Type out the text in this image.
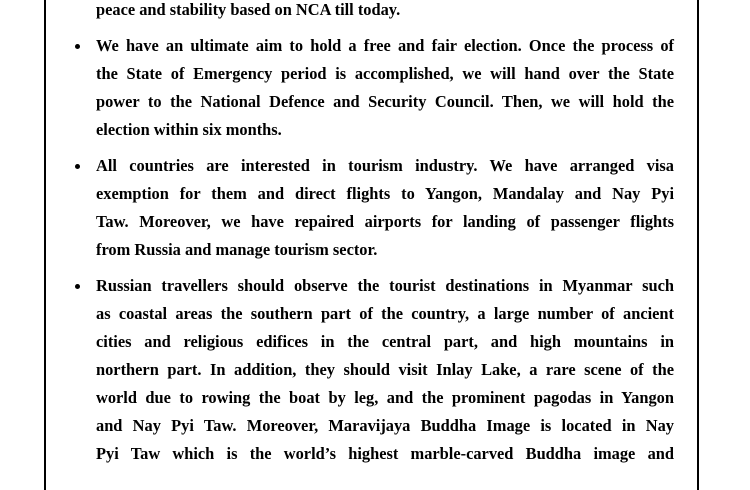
peace and stability based on NCA till today.

We have an ultimate aim to hold a free and fair election. Once the process of
the State of Emergency period is accomplished, we will hand over the State
power to the National Defence and Security Council. Then, we will hold the
election within six months.
All countries are interested in tourism industry. We have arranged visa
exemption for them and direct flights to Yangon, Mandalay and Nay Pyi
Taw. Moreover, we have repaired airports for landing of passenger flights
from Russia and manage tourism sector.
Russian travellers should observe the tourist destinations in Myanmar such
as coastal areas the southern part of the country, a large number of ancient
cities and religious edifices in the central part, and high mountains in
northern part. In addition, they should visit Inlay Lake, a rare scene of the
world due to rowing the boat by leg, and the prominent pagodas in Yangon
and Nay Pyi Taw. Moreover, Maravijaya Buddha Image is located in Nay
Pyi Taw which is the world’s highest marble-carved Buddha image and
